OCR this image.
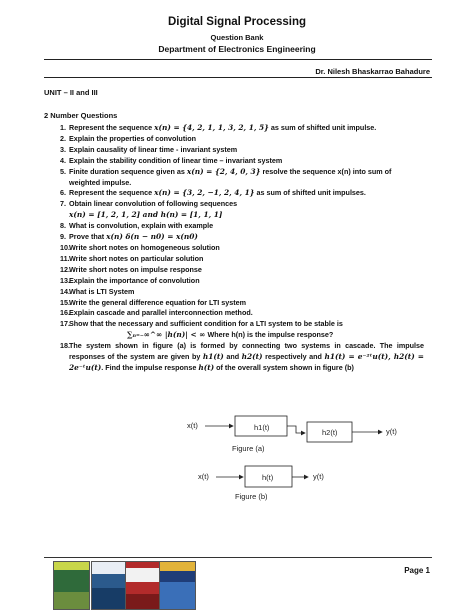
Digital Signal Processing
Question Bank
Department of Electronics Engineering
Dr. Nilesh Bhaskarrao Bahadure
UNIT – II and III
2 Number Questions
1. Represent the sequence x(n) = {4, 2, 1, 1, 3, 2, 1, 5} as sum of shifted unit impulse.
2. Explain the properties of convolution
3. Explain causality of linear time - invariant system
4. Explain the stability condition of linear time – invariant system
5. Finite duration sequence given as x(n) = {2, 4, 0, 3} resolve the sequence x(n) into sum of weighted impulse.
6. Represent the sequence x(n) = {3, 2, −1, 2, 4, 1} as sum of shifted unit impulses.
7. Obtain linear convolution of following sequences
x(n) = [1, 2, 1, 2] and h(n) = [1, 1, 1]
8. What is convolution, explain with example
9. Prove that x(n) δ(n − n0) = x(n0)
10. Write short notes on homogeneous solution
11. Write short notes on particular solution
12. Write short notes on impulse response
13. Explain the importance of convolution
14. What is LTI System
15. Write the general difference equation for LTI system
16. Explain cascade and parallel interconnection method.
17. Show that the necessary and sufficient condition for a LTI system to be stable is
∑ₙ₌₋∞^∞ |h(n)| < ∞ Where h(n) is the impulse response?
18. The system shown in figure (a) is formed by connecting two systems in cascade. The impulse responses of the system are given by h1(t) and h2(t) respectively and h1(t) = e⁻²ᵗu(t), h2(t) = 2e⁻ᵗu(t). Find the impulse response h(t) of the overall system shown in figure (b)
x(t)	h1(t)
h2(t)	y(t)
Figure (a)
x(t)	h(t)	y(t)
Figure (b)
Page 1
